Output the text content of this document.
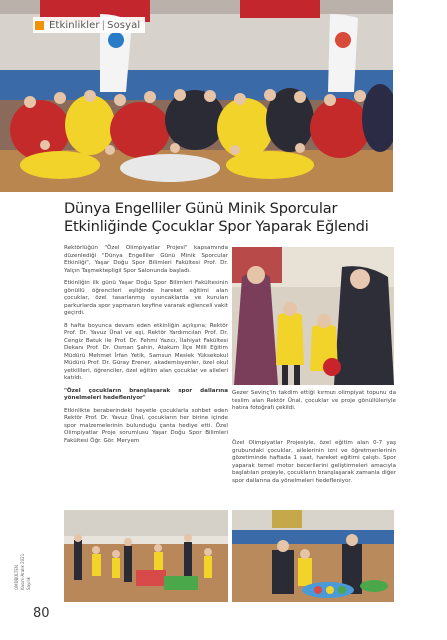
Etkinlikler | Sosyal
Dünya Engelliler Günü Minik Sporcular Etkinliğinde Çocuklar Spor Yaparak Eğlendi

Rektörlüğün "Özel Olimpiyatlar Projesi" kapsamında düzenlediği "Dünya Engelliler Günü Minik Sporcular Etkinliği", Yaşar Doğu Spor Bilimleri Fakültesi Prof. Dr. Yalçın Taşmektepligil Spor Salonunda başladı.

Etkinliğin ilk günü Yaşar Doğu Spor Bilimleri Fakültesinin gönüllü öğrencileri eşliğinde hareket eğitimi alan çocuklar, özel tasarlanmış oyuncaklarda ve kurulan parkurlarda spor yapmanın keyfine vararak eğlenceli vakit geçirdi.

8 hafta boyunca devam eden etkinliğin açılışına; Rektör Prof. Dr. Yavuz Ünal ve eşi, Rektör Yardımcıları Prof. Dr. Cengiz Batuk ile Prof. Dr. Fehmi Yazıcı, İlahiyat Fakültesi Dekanı Prof. Dr. Osman Şahin, Atakum İlçe Milli Eğitim Müdürü Mehmet İrfan Yetik, Samsun Meslek Yüksekokul Müdürü Prof. Dr. Güray Erener, akademisyenler, özel okul yetkilileri, öğrenciler, özel eğitim alan çocuklar ve aileleri katıldı.

"Özel çocukların branşlaşarak spor dallarına yönelmeleri hedefleniyor"

Etkinlikte beraberindeki heyetle çocuklarla sohbet eden Rektör Prof. Dr. Yavuz Ünal, çocukların her birine içinde spor malzemelerinin bulunduğu çanta hediye etti. Özel Olimpiyatlar Proje sorumlusu Yaşar Doğu Spor Bilimleri Fakültesi Öğr. Gör. Meryem

Gezer Sevinç'in takdim ettiği kırmızı olimpiyat topunu da teslim alan Rektör Ünal, çocuklar ve proje gönüllüleriyle hatıra fotoğrafı çekildi.

Özel Olimpiyatlar Projesiyle, özel eğitim alan 0-7 yaş grubundaki çocuklar, ailelerinin izni ve öğretmenlerinin gözetiminde haftada 1 saat, hareket eğitimi çalıştı. Spor yaparak temel motor becerilerini geliştirmeleri amacıyla başlatılan projeyle, çocukların branşlaşarak zamanla diğer spor dallarına da yönelmeleri hedefleniyor.

OMÜBÜLTEN Kasım-Aralık 2021 Sayılık
80
